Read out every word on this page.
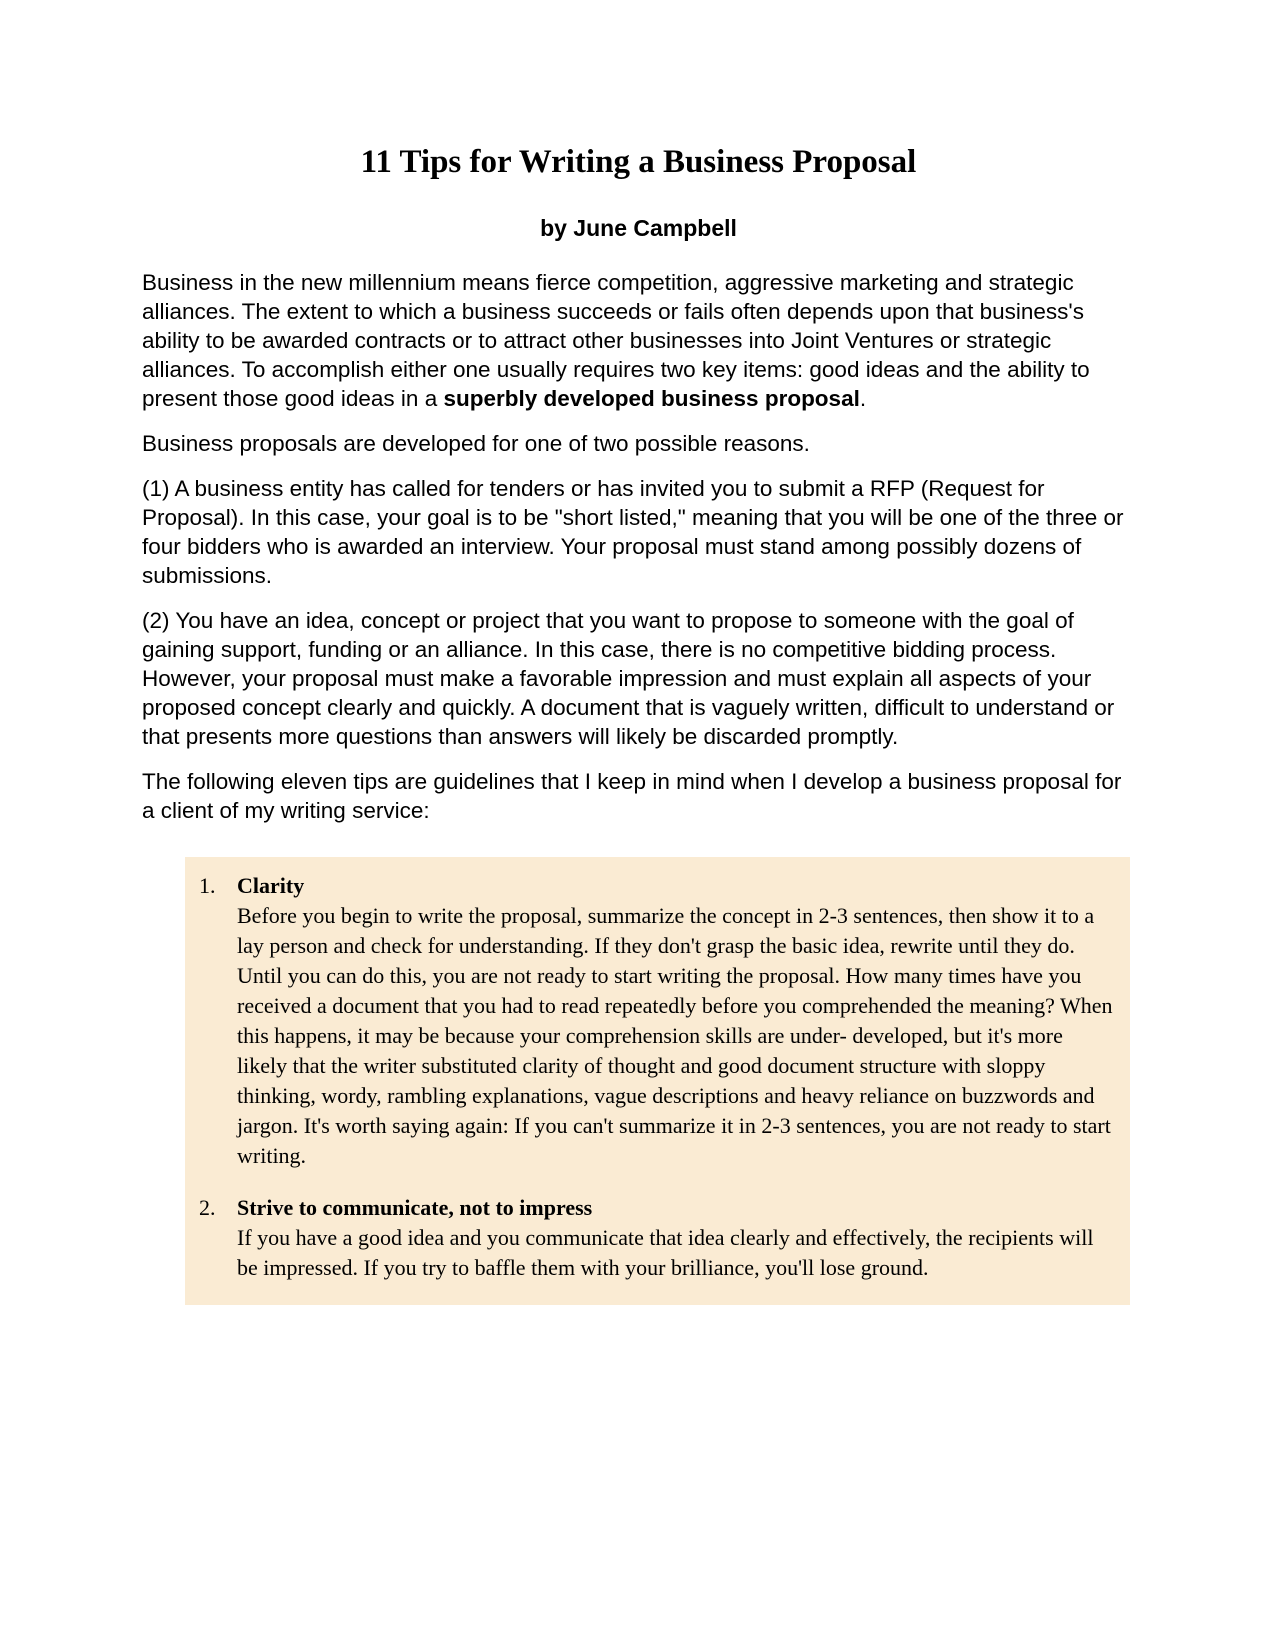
11 Tips for Writing a Business Proposal
by June Campbell

Business in the new millennium means fierce competition, aggressive marketing and strategic alliances. The extent to which a business succeeds or fails often depends upon that business's ability to be awarded contracts or to attract other businesses into Joint Ventures or strategic alliances. To accomplish either one usually requires two key items: good ideas and the ability to present those good ideas in a superbly developed business proposal.

Business proposals are developed for one of two possible reasons.

(1) A business entity has called for tenders or has invited you to submit a RFP (Request for Proposal). In this case, your goal is to be "short listed," meaning that you will be one of the three or four bidders who is awarded an interview. Your proposal must stand among possibly dozens of submissions.

(2) You have an idea, concept or project that you want to propose to someone with the goal of gaining support, funding or an alliance. In this case, there is no competitive bidding process. However, your proposal must make a favorable impression and must explain all aspects of your proposed concept clearly and quickly. A document that is vaguely written, difficult to understand or that presents more questions than answers will likely be discarded promptly.

The following eleven tips are guidelines that I keep in mind when I develop a business proposal for a client of my writing service:

1. Clarity
Before you begin to write the proposal, summarize the concept in 2-3 sentences, then show it to a lay person and check for understanding. If they don't grasp the basic idea, rewrite until they do. Until you can do this, you are not ready to start writing the proposal. How many times have you received a document that you had to read repeatedly before you comprehended the meaning? When this happens, it may be because your comprehension skills are under- developed, but it's more likely that the writer substituted clarity of thought and good document structure with sloppy thinking, wordy, rambling explanations, vague descriptions and heavy reliance on buzzwords and jargon. It's worth saying again: If you can't summarize it in 2-3 sentences, you are not ready to start writing.
2. Strive to communicate, not to impress
If you have a good idea and you communicate that idea clearly and effectively, the recipients will be impressed. If you try to baffle them with your brilliance, you'll lose ground.
